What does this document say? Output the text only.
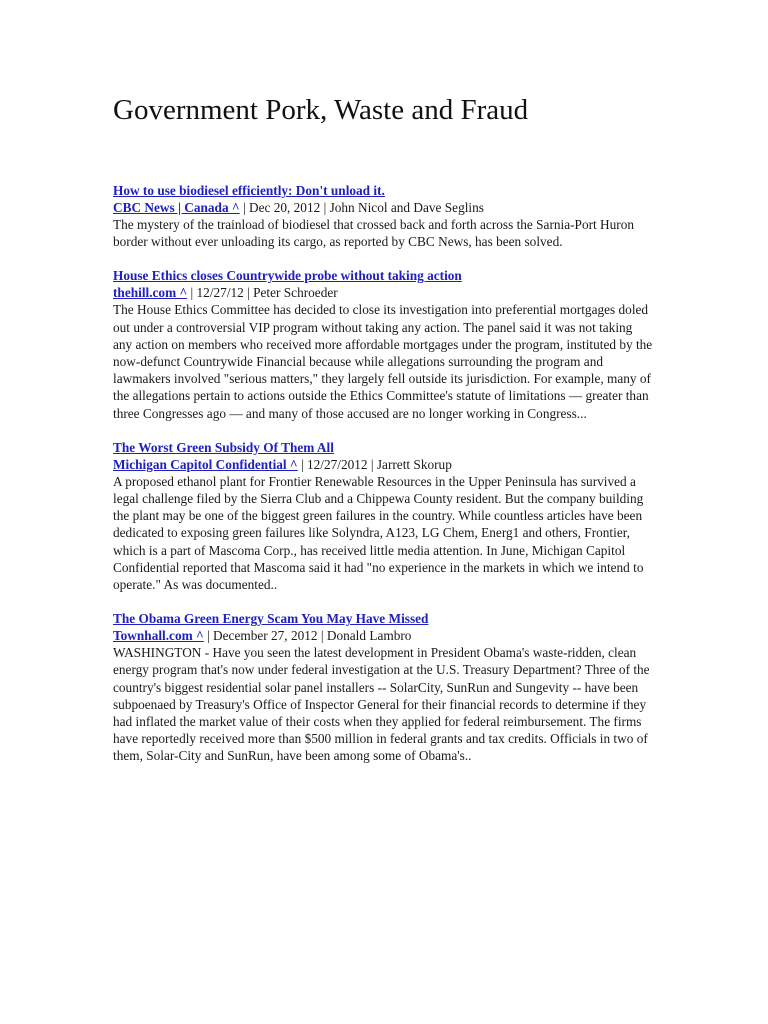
Government Pork, Waste and Fraud
How to use biodiesel efficiently: Don't unload it.
CBC News | Canada ^ | Dec 20, 2012 | John Nicol and Dave Seglins

The mystery of the trainload of biodiesel that crossed back and forth across the Sarnia-Port Huron border without ever unloading its cargo, as reported by CBC News, has been solved.

House Ethics closes Countrywide probe without taking action
thehill.com ^ | 12/27/12 | Peter Schroeder

The House Ethics Committee has decided to close its investigation into preferential mortgages doled out under a controversial VIP program without taking any action. The panel said it was not taking any action on members who received more affordable mortgages under the program, instituted by the now-defunct Countrywide Financial because while allegations surrounding the program and lawmakers involved "serious matters," they largely fell outside its jurisdiction. For example, many of the allegations pertain to actions outside the Ethics Committee's statute of limitations — greater than three Congresses ago — and many of those accused are no longer working in Congress...

The Worst Green Subsidy Of Them All
Michigan Capitol Confidential ^ | 12/27/2012 | Jarrett Skorup

A proposed ethanol plant for Frontier Renewable Resources in the Upper Peninsula has survived a legal challenge filed by the Sierra Club and a Chippewa County resident. But the company building the plant may be one of the biggest green failures in the country. While countless articles have been dedicated to exposing green failures like Solyndra, A123, LG Chem, Energ1 and others, Frontier, which is a part of Mascoma Corp., has received little media attention. In June, Michigan Capitol Confidential reported that Mascoma said it had "no experience in the markets in which we intend to operate." As was documented..

The Obama Green Energy Scam You May Have Missed
Townhall.com ^ | December 27, 2012 | Donald Lambro

WASHINGTON - Have you seen the latest development in President Obama's waste-ridden, clean energy program that's now under federal investigation at the U.S. Treasury Department? Three of the country's biggest residential solar panel installers -- SolarCity, SunRun and Sungevity -- have been subpoenaed by Treasury's Office of Inspector General for their financial records to determine if they had inflated the market value of their costs when they applied for federal reimbursement. The firms have reportedly received more than $500 million in federal grants and tax credits. Officials in two of them, Solar-City and SunRun, have been among some of Obama's..
